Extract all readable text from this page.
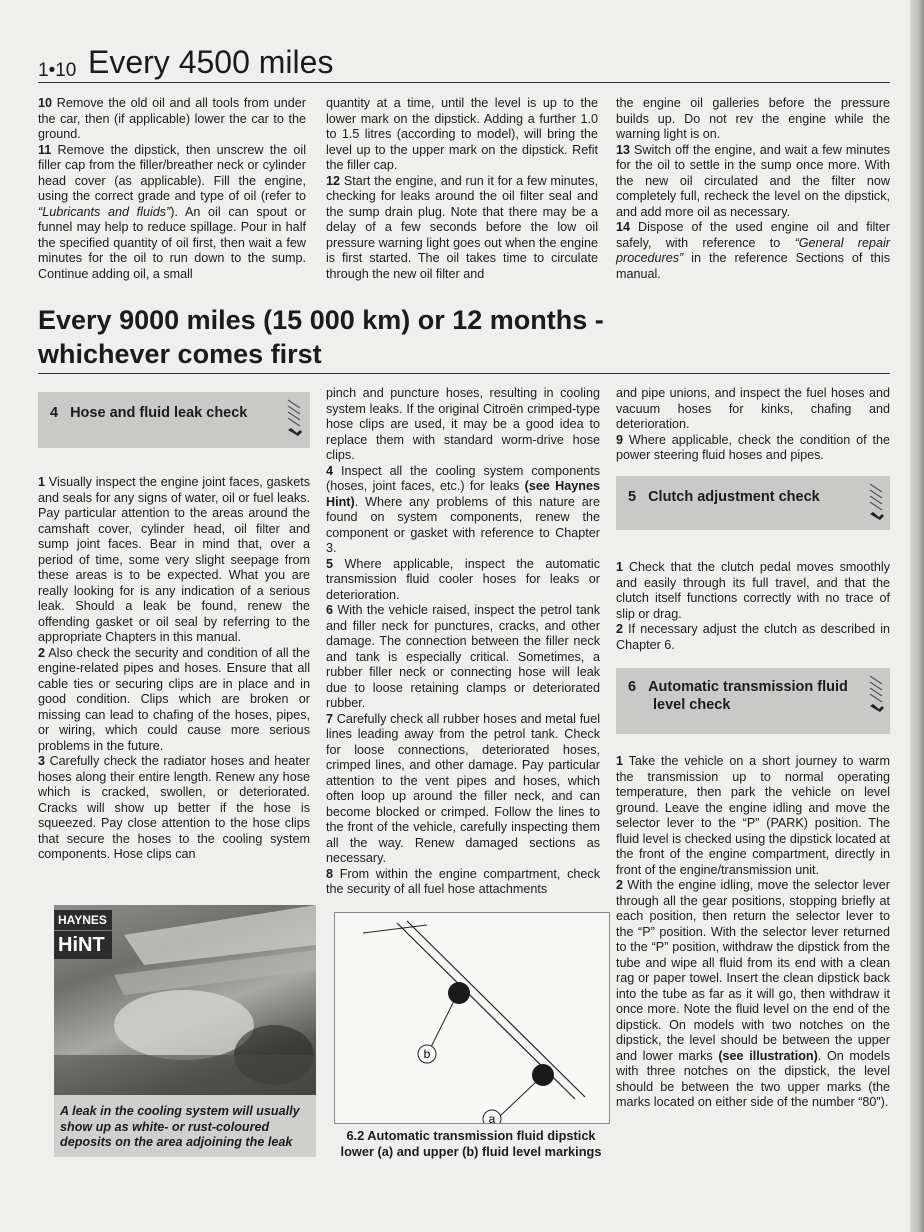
1•10 Every 4500 miles

10 Remove the old oil and all tools from under the car, then (if applicable) lower the car to the ground.

11 Remove the dipstick, then unscrew the oil filler cap from the filler/breather neck or cylinder head cover (as applicable). Fill the engine, using the correct grade and type of oil (refer to “Lubricants and fluids”). An oil can spout or funnel may help to reduce spillage. Pour in half the specified quantity of oil first, then wait a few minutes for the oil to run down to the sump. Continue adding oil, a small

quantity at a time, until the level is up to the lower mark on the dipstick. Adding a further 1.0 to 1.5 litres (according to model), will bring the level up to the upper mark on the dipstick. Refit the filler cap.

12 Start the engine, and run it for a few minutes, checking for leaks around the oil filter seal and the sump drain plug. Note that there may be a delay of a few seconds before the low oil pressure warning light goes out when the engine is first started. The oil takes time to circulate through the new oil filter and

the engine oil galleries before the pressure builds up. Do not rev the engine while the warning light is on.

13 Switch off the engine, and wait a few minutes for the oil to settle in the sump once more. With the new oil circulated and the filter now completely full, recheck the level on the dipstick, and add more oil as necessary.

14 Dispose of the used engine oil and filter safely, with reference to “General repair procedures” in the reference Sections of this manual.

Every 9000 miles (15 000 km) or 12 months -
whichever comes first
4 Hose and fluid leak check
5 Clutch adjustment check
6 Automatic transmission fluid
level check

1 Visually inspect the engine joint faces, gaskets and seals for any signs of water, oil or fuel leaks. Pay particular attention to the areas around the camshaft cover, cylinder head, oil filter and sump joint faces. Bear in mind that, over a period of time, some very slight seepage from these areas is to be expected. What you are really looking for is any indication of a serious leak. Should a leak be found, renew the offending gasket or oil seal by referring to the appropriate Chapters in this manual.

2 Also check the security and condition of all the engine-related pipes and hoses. Ensure that all cable ties or securing clips are in place and in good condition. Clips which are broken or missing can lead to chafing of the hoses, pipes, or wiring, which could cause more serious problems in the future.

3 Carefully check the radiator hoses and heater hoses along their entire length. Renew any hose which is cracked, swollen, or deteriorated. Cracks will show up better if the hose is squeezed. Pay close attention to the hose clips that secure the hoses to the cooling system components. Hose clips can

pinch and puncture hoses, resulting in cooling system leaks. If the original Citroën crimped-type hose clips are used, it may be a good idea to replace them with standard worm-drive hose clips.

4 Inspect all the cooling system components (hoses, joint faces, etc.) for leaks (see Haynes Hint). Where any problems of this nature are found on system components, renew the component or gasket with reference to Chapter 3.

5 Where applicable, inspect the automatic transmission fluid cooler hoses for leaks or deterioration.

6 With the vehicle raised, inspect the petrol tank and filler neck for punctures, cracks, and other damage. The connection between the filler neck and tank is especially critical. Sometimes, a rubber filler neck or connecting hose will leak due to loose retaining clamps or deteriorated rubber.

7 Carefully check all rubber hoses and metal fuel lines leading away from the petrol tank. Check for loose connections, deteriorated hoses, crimped lines, and other damage. Pay particular attention to the vent pipes and hoses, which often loop up around the filler neck, and can become blocked or crimped. Follow the lines to the front of the vehicle, carefully inspecting them all the way. Renew damaged sections as necessary.

8 From within the engine compartment, check the security of all fuel hose attachments

and pipe unions, and inspect the fuel hoses and vacuum hoses for kinks, chafing and deterioration.

9 Where applicable, check the condition of the power steering fluid hoses and pipes.

1 Check that the clutch pedal moves smoothly and easily through its full travel, and that the clutch itself functions correctly with no trace of slip or drag.

2 If necessary adjust the clutch as described in Chapter 6.

1 Take the vehicle on a short journey to warm the transmission up to normal operating temperature, then park the vehicle on level ground. Leave the engine idling and move the selector lever to the “P” (PARK) position. The fluid level is checked using the dipstick located at the front of the engine compartment, directly in front of the engine/transmission unit.

2 With the engine idling, move the selector lever through all the gear positions, stopping briefly at each position, then return the selector lever to the “P” position. With the selector lever returned to the “P” position, withdraw the dipstick from the tube and wipe all fluid from its end with a clean rag or paper towel. Insert the clean dipstick back into the tube as far as it will go, then withdraw it once more. Note the fluid level on the end of the dipstick. On models with two notches on the dipstick, the level should be between the upper and lower marks (see illustration). On models with three notches on the dipstick, the level should be between the two upper marks (the marks located on either side of the number “80”).

HAYNES
HiNT
A leak in the cooling system will usually show up as white- or rust-coloured deposits on the area adjoining the leak
b
a
6.2 Automatic transmission fluid dipstick lower (a) and upper (b) fluid level markings
